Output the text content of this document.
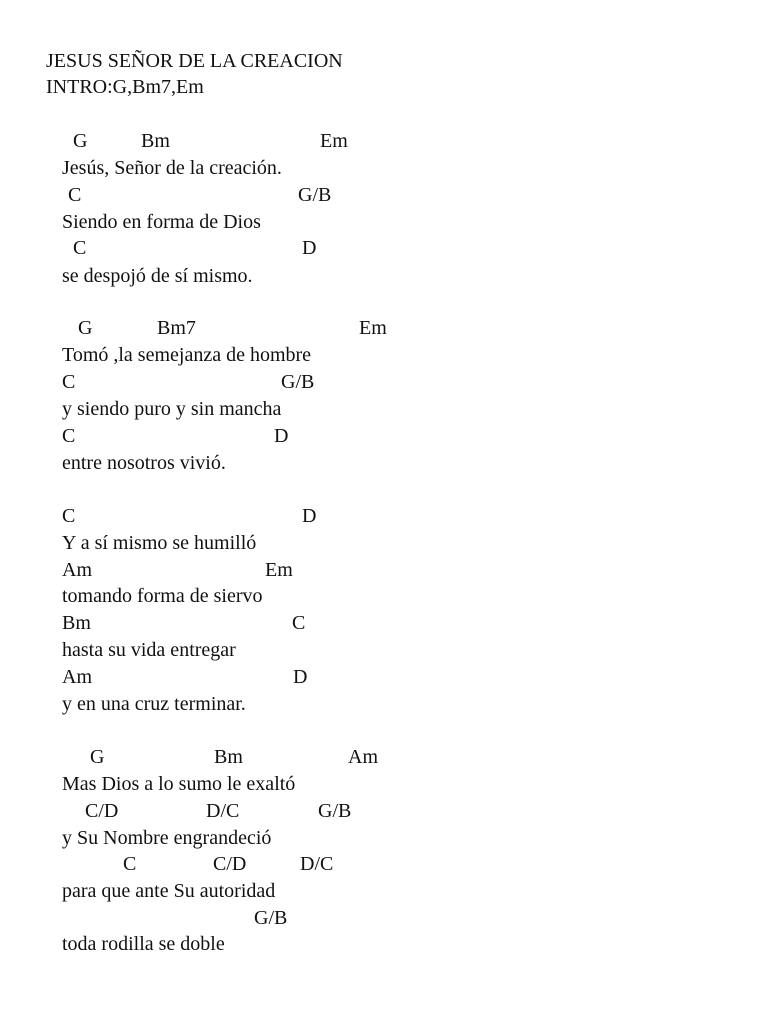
JESUS SEÑOR DE LA CREACION
INTRO:G,Bm7,Em
G	Bm	Em
Jesús, Señor de la creación.
C	G/B
Siendo en forma de Dios
C	D
se despojó de sí mismo.
G	Bm7	Em
Tomó ,la semejanza de hombre
C	G/B
y siendo puro y sin mancha
C	D
entre nosotros vivió.
C	D
Y a sí mismo se humilló
Am	Em
tomando forma de siervo
Bm	C
hasta su vida entregar
Am	D
y en una cruz terminar.
G	Bm	Am
Mas Dios a lo sumo le exaltó
C/D	D/C	G/B
y Su Nombre engrandeció
C	C/D	D/C
para que ante Su autoridad
G/B
toda rodilla se doble
